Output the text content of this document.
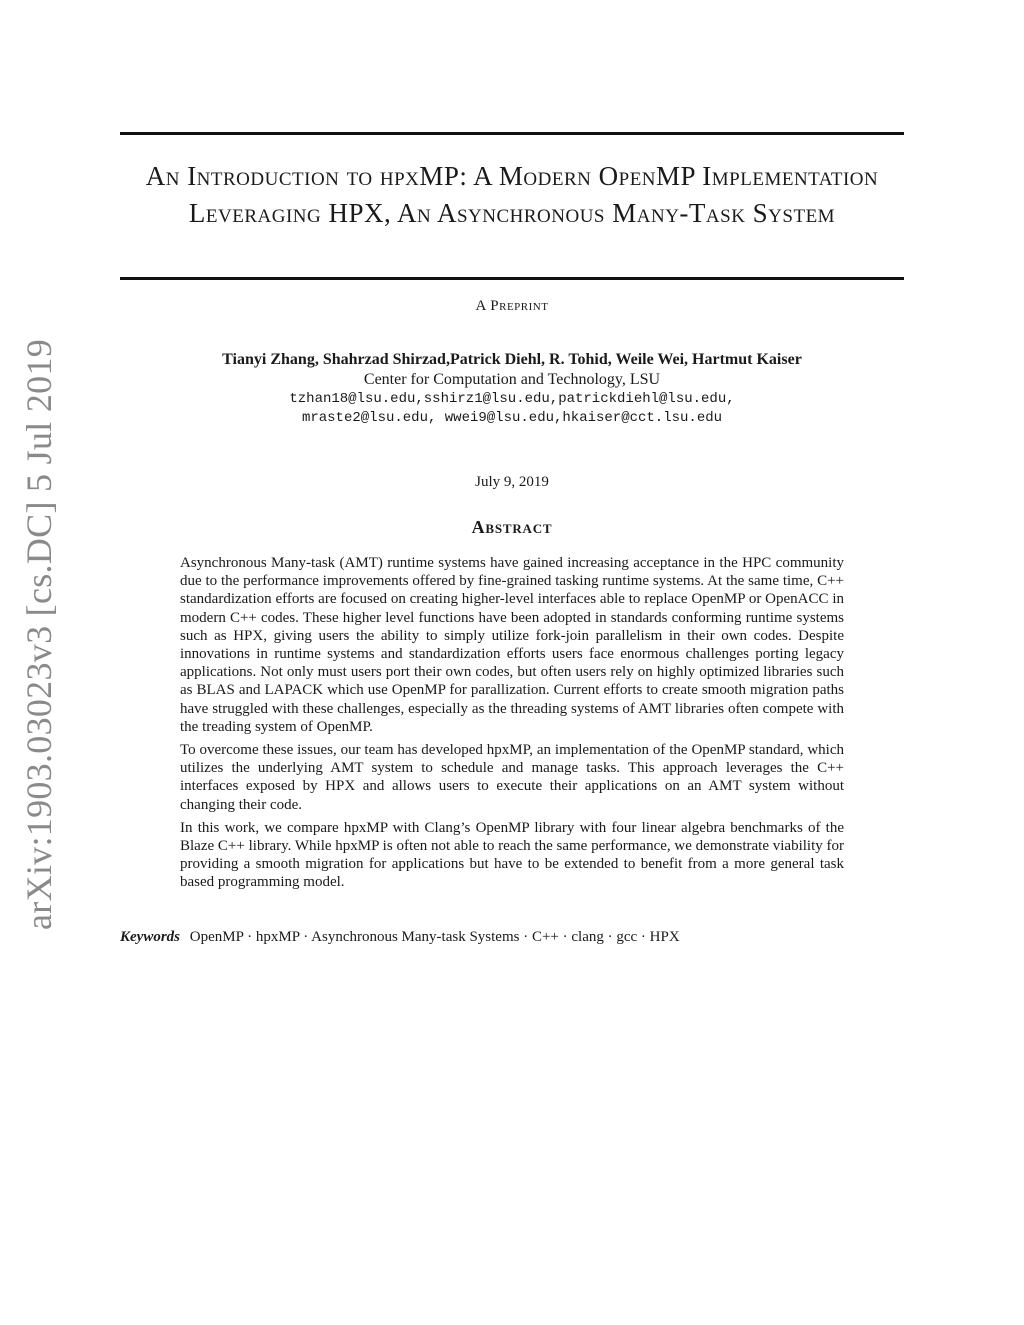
An Introduction to hpxMP: A Modern OpenMP Implementation Leveraging HPX, An Asynchronous Many-Task System
A Preprint
Tianyi Zhang, Shahrzad Shirzad,Patrick Diehl, R. Tohid, Weile Wei, Hartmut Kaiser
Center for Computation and Technology, LSU
tzhan18@lsu.edu,sshirz1@lsu.edu,patrickdiehl@lsu.edu,
mraste2@lsu.edu, wwei9@lsu.edu,hkaiser@cct.lsu.edu
July 9, 2019
Abstract

Asynchronous Many-task (AMT) runtime systems have gained increasing acceptance in the HPC community due to the performance improvements offered by fine-grained tasking runtime systems. At the same time, C++ standardization efforts are focused on creating higher-level interfaces able to replace OpenMP or OpenACC in modern C++ codes. These higher level functions have been adopted in standards conforming runtime systems such as HPX, giving users the ability to simply utilize fork-join parallelism in their own codes. Despite innovations in runtime systems and standardization efforts users face enormous challenges porting legacy applications. Not only must users port their own codes, but often users rely on highly optimized libraries such as BLAS and LAPACK which use OpenMP for parallization. Current efforts to create smooth migration paths have struggled with these challenges, especially as the threading systems of AMT libraries often compete with the treading system of OpenMP.

To overcome these issues, our team has developed hpxMP, an implementation of the OpenMP standard, which utilizes the underlying AMT system to schedule and manage tasks. This approach leverages the C++ interfaces exposed by HPX and allows users to execute their applications on an AMT system without changing their code.

In this work, we compare hpxMP with Clang’s OpenMP library with four linear algebra benchmarks of the Blaze C++ library. While hpxMP is often not able to reach the same performance, we demonstrate viability for providing a smooth migration for applications but have to be extended to benefit from a more general task based programming model.

Keywords OpenMP · hpxMP · Asynchronous Many-task Systems · C++ · clang · gcc · HPX
arXiv:1903.03023v3 [cs.DC] 5 Jul 2019
